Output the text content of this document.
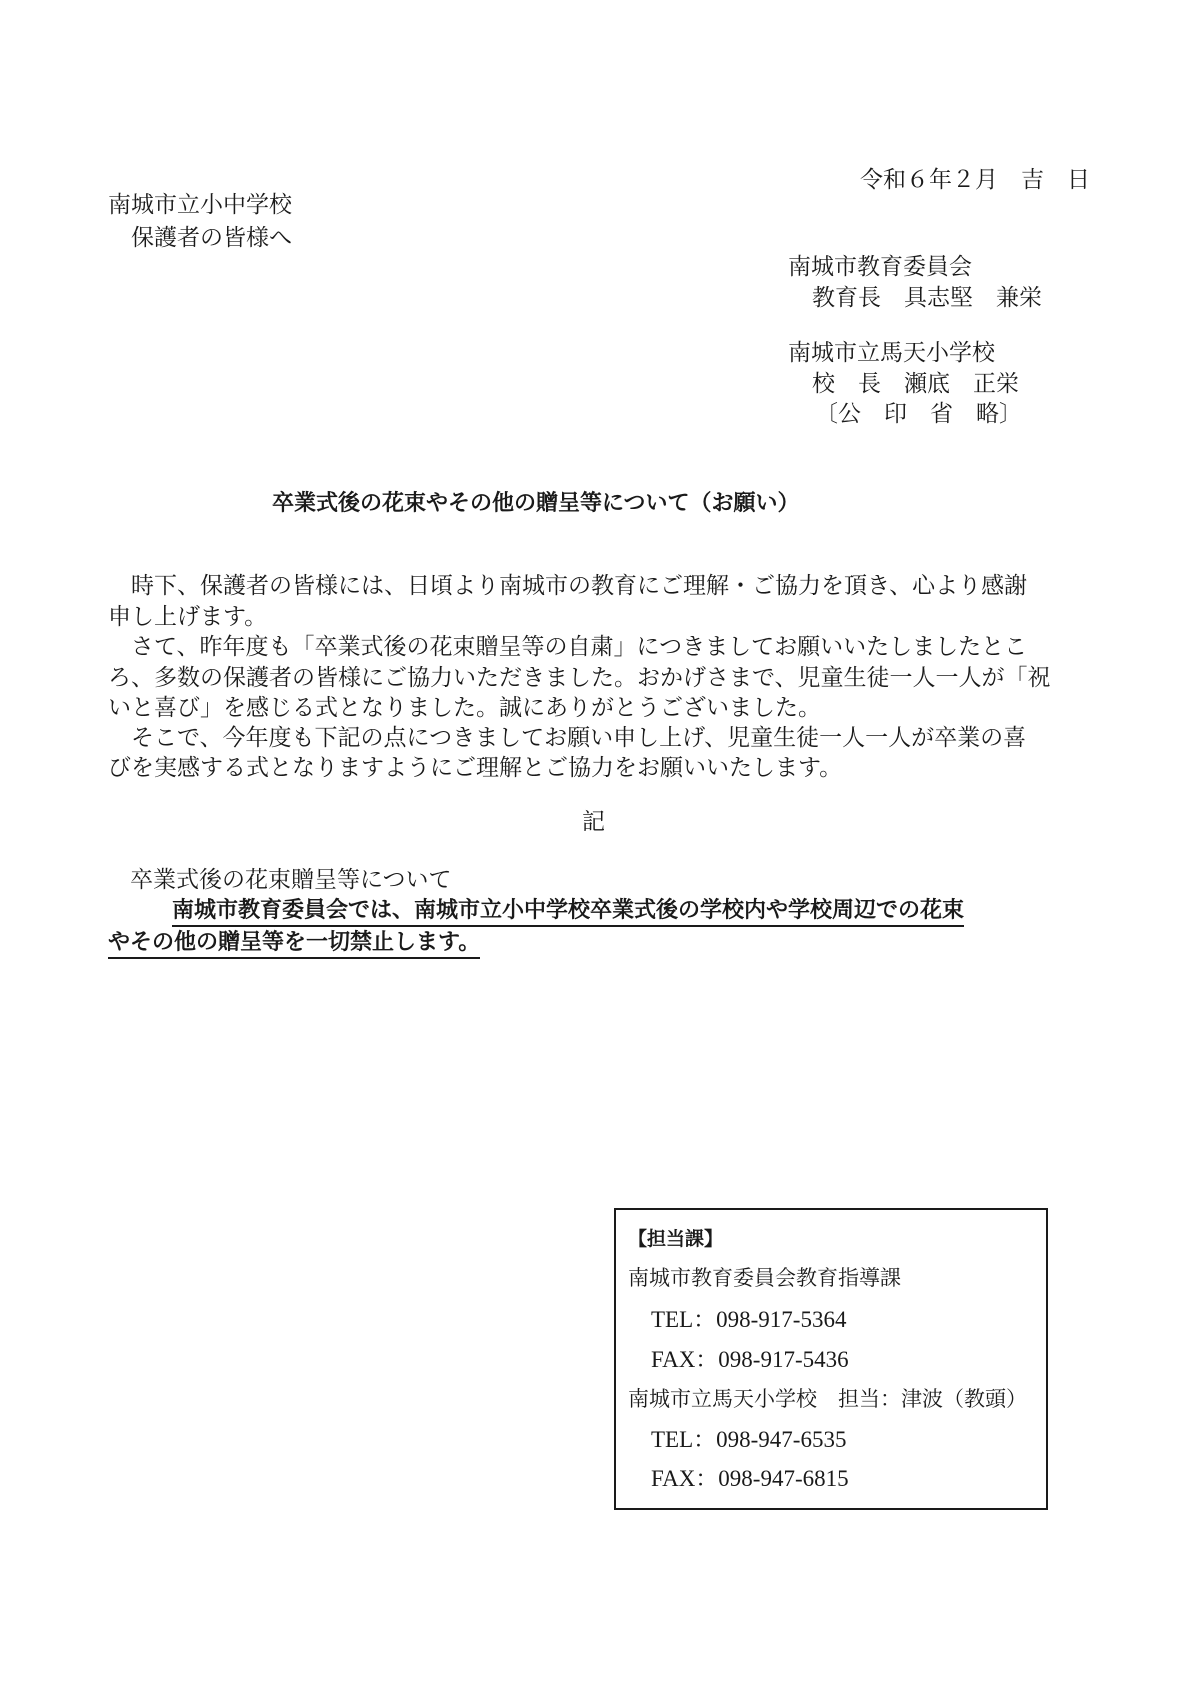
令和６年２月　吉　日
南城市立小中学校
保護者の皆様へ
南城市教育委員会
教育長　具志堅　兼栄
南城市立馬天小学校
校　長　瀬底　正栄
〔公　印　省　略〕
卒業式後の花束やその他の贈呈等について（お願い）
　時下、保護者の皆様には、日頃より南城市の教育にご理解・ご協力を頂き、心より感謝
申し上げます。
　さて、昨年度も「卒業式後の花束贈呈等の自粛」につきましてお願いいたしましたとこ
ろ、多数の保護者の皆様にご協力いただきました。おかげさまで、児童生徒一人一人が「祝
いと喜び」を感じる式となりました。誠にありがとうございました。
　そこで、今年度も下記の点につきましてお願い申し上げ、児童生徒一人一人が卒業の喜
びを実感する式となりますようにご理解とご協力をお願いいたします。
記
卒業式後の花束贈呈等について
南城市教育委員会では、南城市立小中学校卒業式後の学校内や学校周辺での花束
やその他の贈呈等を一切禁止します。
【担当課】
南城市教育委員会教育指導課
TEL：098-917-5364
FAX：098-917-5436
南城市立馬天小学校　担当：津波（教頭）
TEL：098-947-6535
FAX：098-947-6815
